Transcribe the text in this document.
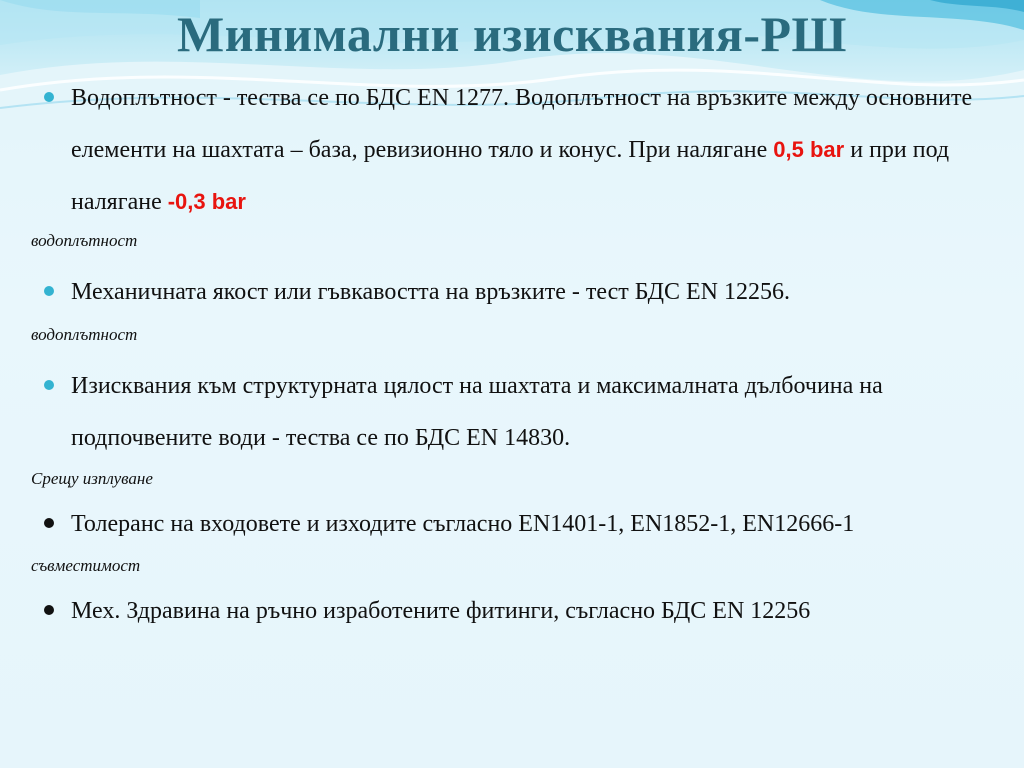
Минимални изисквания-РШ
Водоплътност - тества се по БДС EN 1277. Водоплътност на връзките между основните елементи на шахтата – база, ревизионно тяло и конус. При налягане 0,5 bar и при под налягане -0,3 bar
водоплътност
Механичната якост или гъвкавостта на връзките - тест БДС EN 12256.
водоплътност
Изисквания към структурната цялост на шахтата и максималната дълбочина на подпочвените води - тества се по БДС EN 14830.
Срещу изплуване
Толеранс на входовете и изходите съгласно EN1401-1, EN1852-1, EN12666-1
съвместимост
Мех. Здравина на ръчно изработените фитинги, съгласно БДС EN 12256
